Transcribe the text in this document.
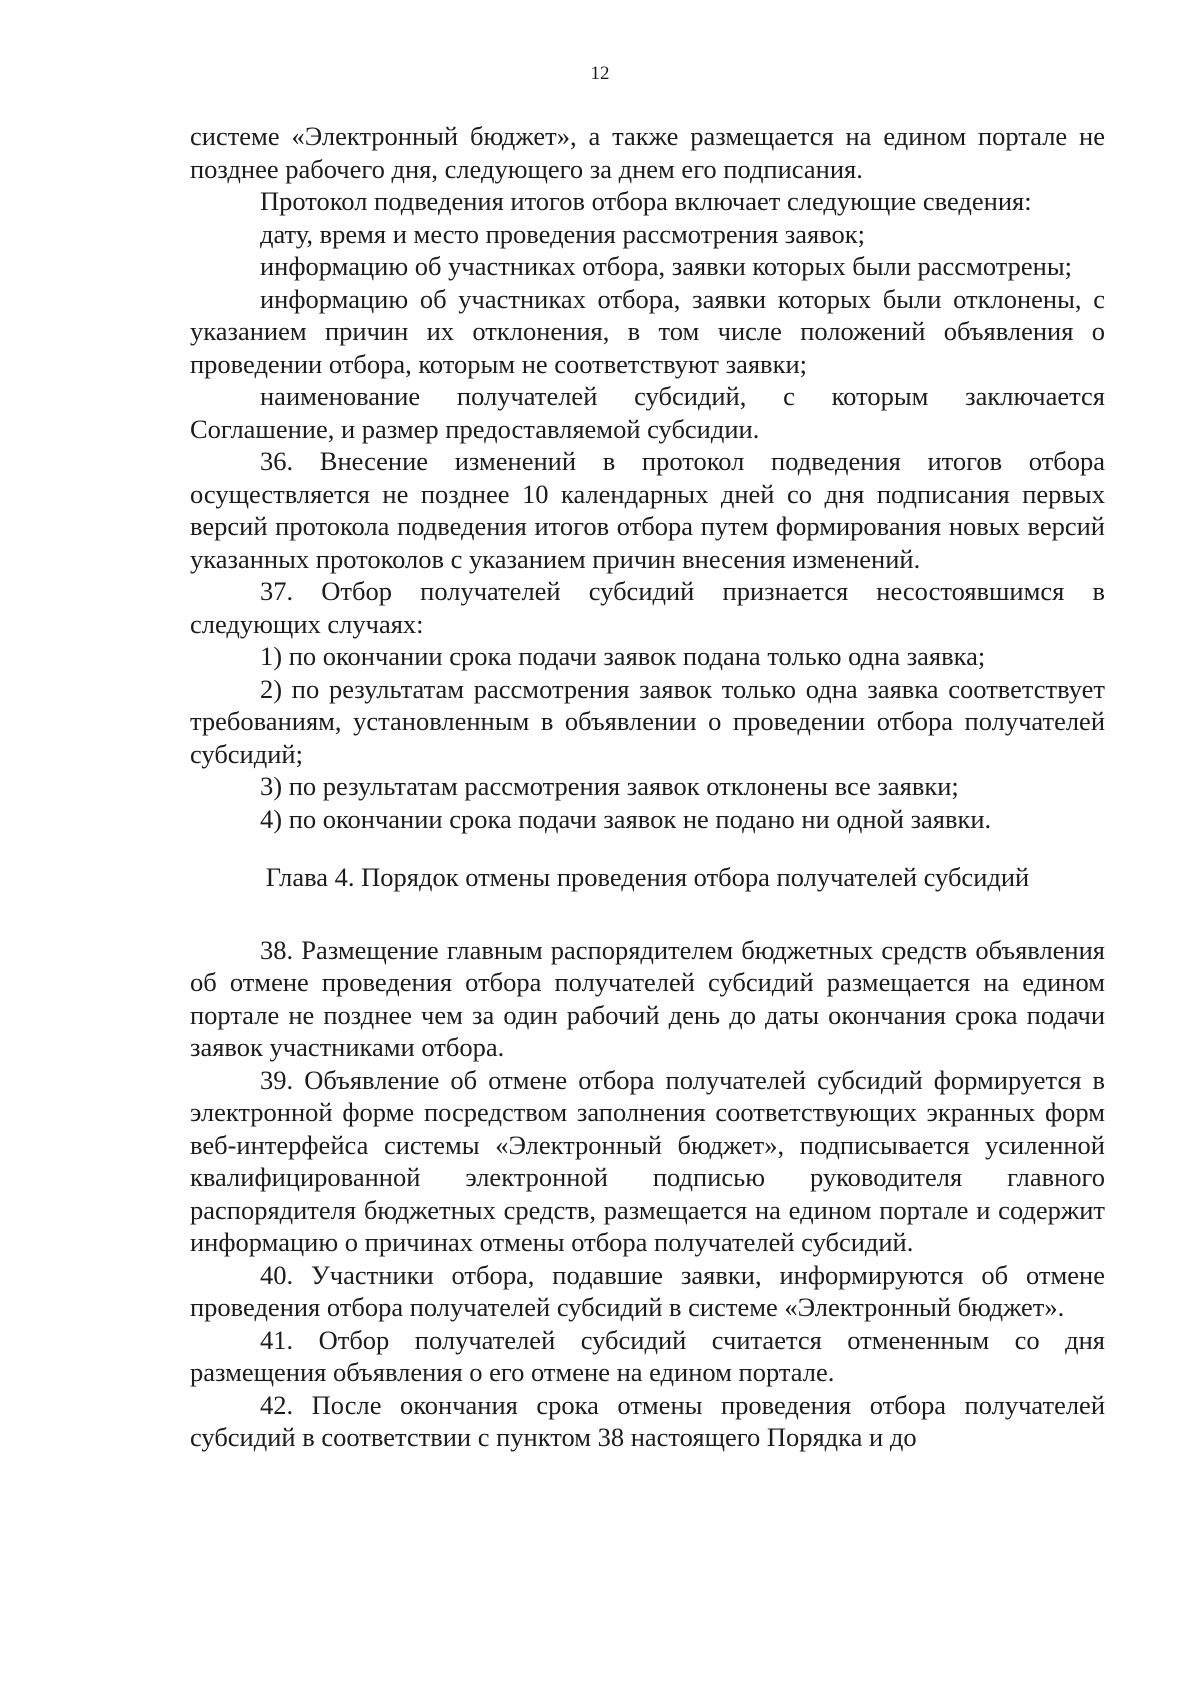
12

системе «Электронный бюджет», а также размещается на едином портале не позднее рабочего дня, следующего за днем его подписания.

Протокол подведения итогов отбора включает следующие сведения:

дату, время и место проведения рассмотрения заявок;

информацию об участниках отбора, заявки которых были рассмотрены;

информацию об участниках отбора, заявки которых были отклонены, с указанием причин их отклонения, в том числе положений объявления о проведении отбора, которым не соответствуют заявки;

наименование получателей субсидий, с которым заключается Соглашение, и размер предоставляемой субсидии.

36. Внесение изменений в протокол подведения итогов отбора осуществляется не позднее 10 календарных дней со дня подписания первых версий протокола подведения итогов отбора путем формирования новых версий указанных протоколов с указанием причин внесения изменений.

37. Отбор получателей субсидий признается несостоявшимся в следующих случаях:

1) по окончании срока подачи заявок подана только одна заявка;

2) по результатам рассмотрения заявок только одна заявка соответствует требованиям, установленным в объявлении о проведении отбора получателей субсидий;

3) по результатам рассмотрения заявок отклонены все заявки;

4) по окончании срока подачи заявок не подано ни одной заявки.

Глава 4. Порядок отмены проведения отбора получателей субсидий

38. Размещение главным распорядителем бюджетных средств объявления об отмене проведения отбора получателей субсидий размещается на едином портале не позднее чем за один рабочий день до даты окончания срока подачи заявок участниками отбора.

39. Объявление об отмене отбора получателей субсидий формируется в электронной форме посредством заполнения соответствующих экранных форм веб-интерфейса системы «Электронный бюджет», подписывается усиленной квалифицированной электронной подписью руководителя главного распорядителя бюджетных средств, размещается на едином портале и содержит информацию о причинах отмены отбора получателей субсидий.

40. Участники отбора, подавшие заявки, информируются об отмене проведения отбора получателей субсидий в системе «Электронный бюджет».

41. Отбор получателей субсидий считается отмененным со дня размещения объявления о его отмене на едином портале.

42. После окончания срока отмены проведения отбора получателей субсидий в соответствии с пунктом 38 настоящего Порядка и до
